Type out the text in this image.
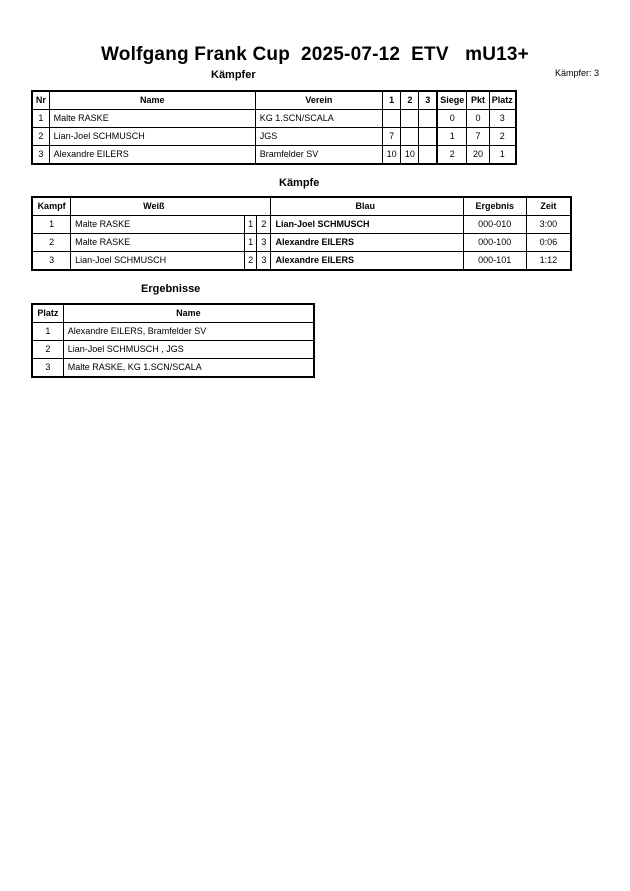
Wolfgang Frank Cup  2025-07-12  ETV   mU13+
Kämpfer: 3
Kämpfer
Nr	Name	Verein	1	2	3	Siege	Pkt	Platz
1	Malte RASKE	KG 1.SCN/SCALA				0	0	3
2	Lian-Joel SCHMUSCH	JGS	7			1	7	2
3	Alexandre EILERS	Bramfelder SV	10	10		2	20	1
Kämpfe
Kampf	Weiß			Blau	Ergebnis	Zeit
1	Malte RASKE	1	2	Lian-Joel SCHMUSCH	000-010	3:00
2	Malte RASKE	1	3	Alexandre EILERS	000-100	0:06
3	Lian-Joel SCHMUSCH	2	3	Alexandre EILERS	000-101	1:12
Ergebnisse
Platz	Name
1	Alexandre EILERS, Bramfelder SV
2	Lian-Joel SCHMUSCH , JGS
3	Malte RASKE, KG 1.SCN/SCALA
